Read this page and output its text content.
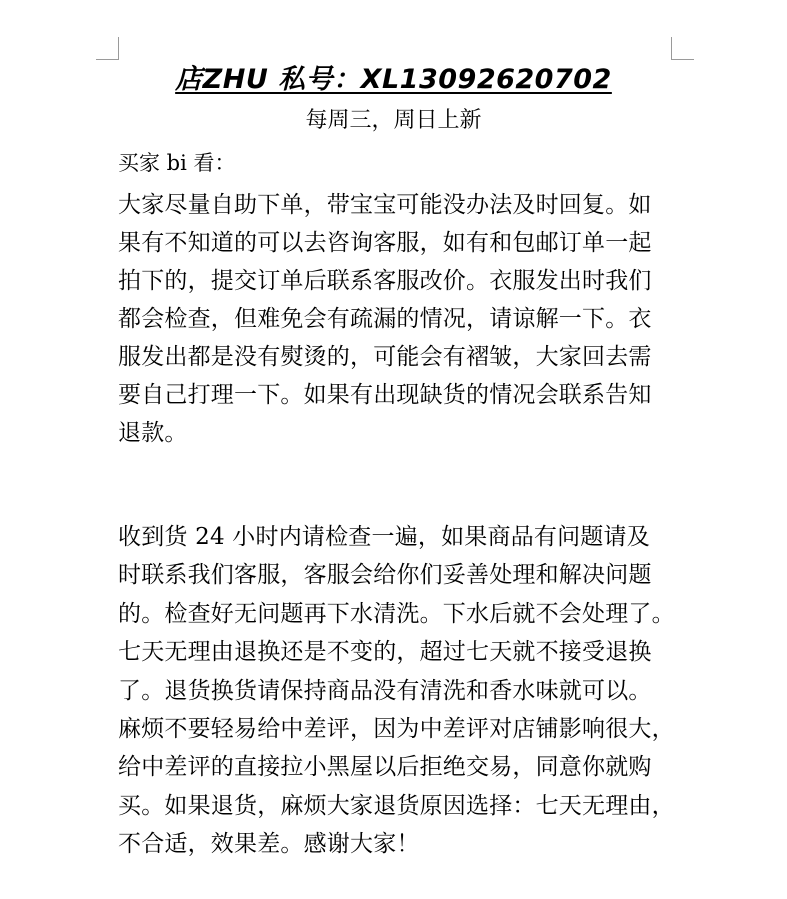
店ZHU 私号：XL13092620702
每周三，周日上新
买家 bi 看：
大家尽量自助下单，带宝宝可能没办法及时回复。如
果有不知道的可以去咨询客服，如有和包邮订单一起
拍下的，提交订单后联系客服改价。衣服发出时我们
都会检查，但难免会有疏漏的情况，请谅解一下。衣
服发出都是没有熨烫的，可能会有褶皱，大家回去需
要自己打理一下。如果有出现缺货的情况会联系告知
退款。
收到货 24 小时内请检查一遍，如果商品有问题请及
时联系我们客服，客服会给你们妥善处理和解决问题
的。检查好无问题再下水清洗。下水后就不会处理了。
七天无理由退换还是不变的，超过七天就不接受退换
了。退货换货请保持商品没有清洗和香水味就可以。
麻烦不要轻易给中差评，因为中差评对店铺影响很大，
给中差评的直接拉小黑屋以后拒绝交易，同意你就购
买。如果退货，麻烦大家退货原因选择：七天无理由，
不合适，效果差。感谢大家！
